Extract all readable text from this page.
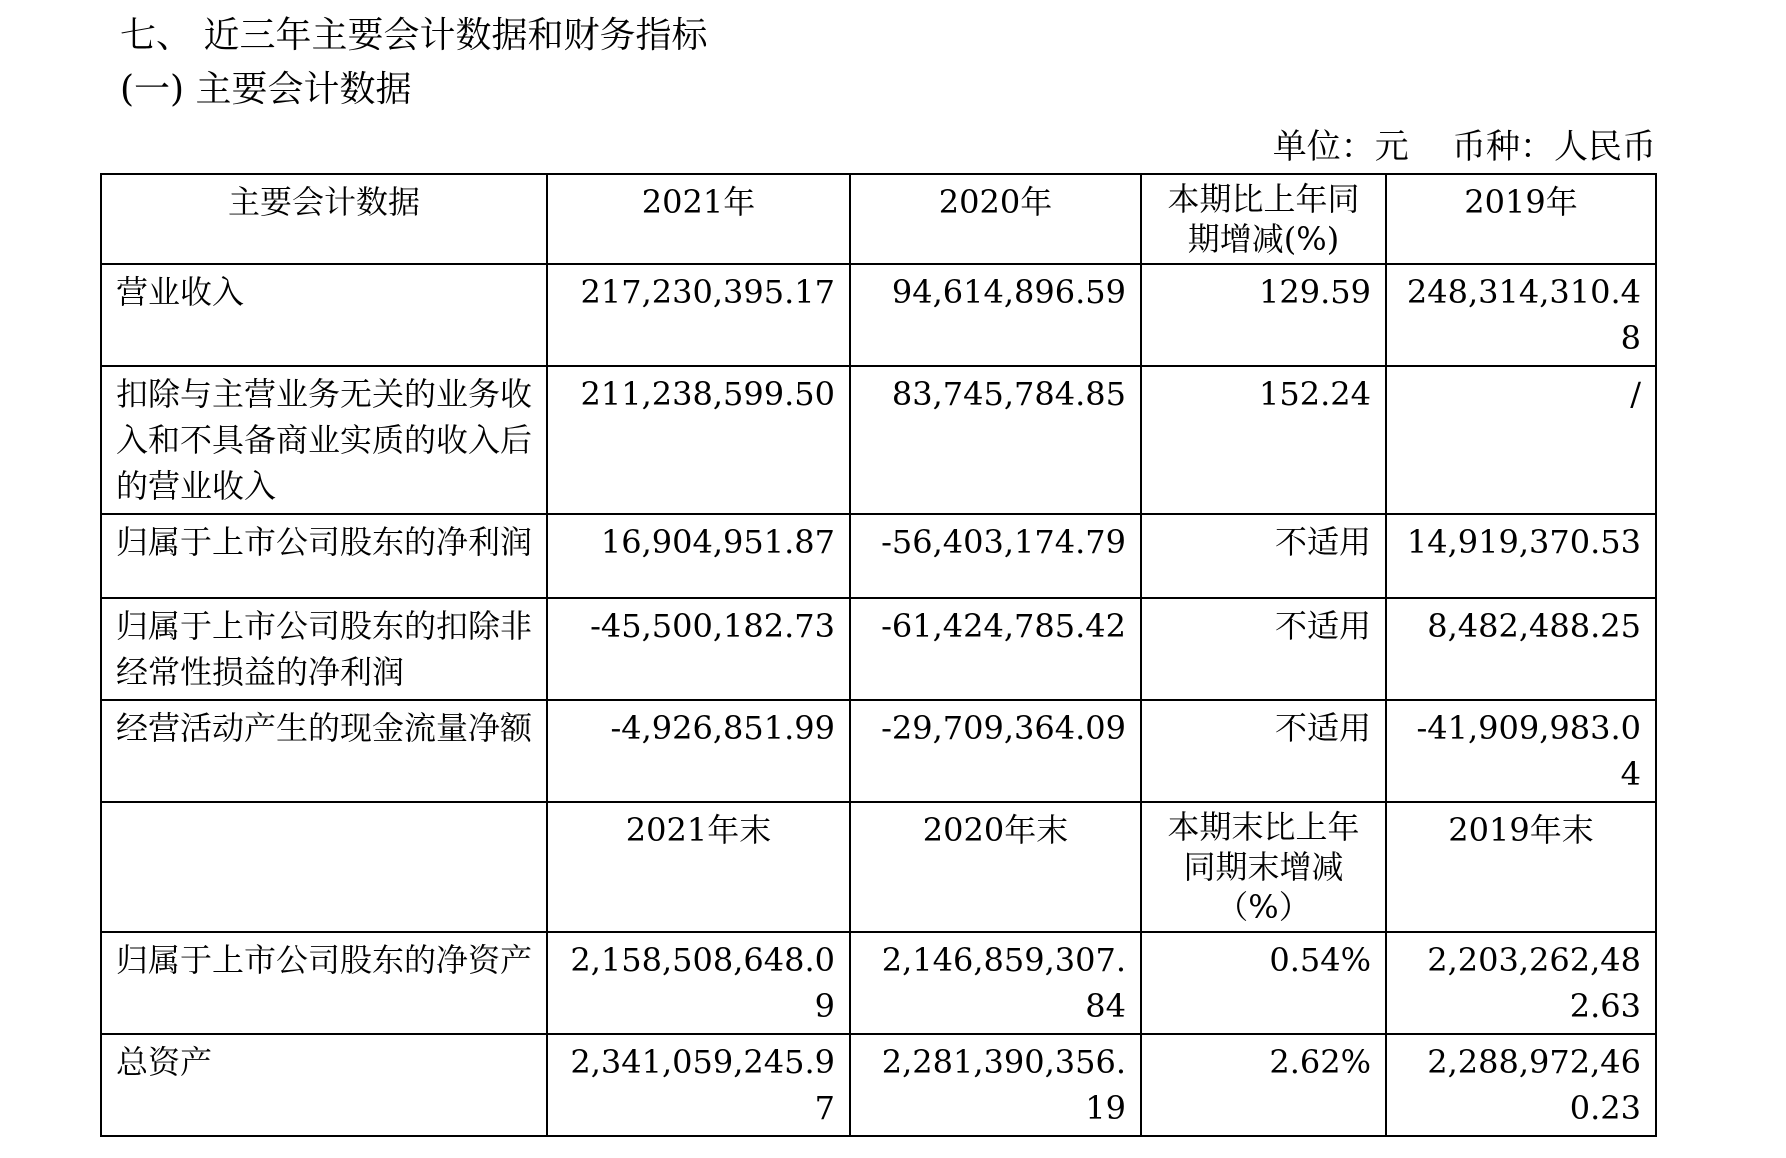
七、 近三年主要会计数据和财务指标
(一) 主要会计数据
单位：元    币种：人民币
主要会计数据	2021年	2020年	本期比上年同期增减(%)	2019年
营业收入	217,230,395.17	94,614,896.59	129.59	248,314,310.48
扣除与主营业务无关的业务收入和不具备商业实质的收入后的营业收入	211,238,599.50	83,745,784.85	152.24	/
归属于上市公司股东的净利润	16,904,951.87	-56,403,174.79	不适用	14,919,370.53
归属于上市公司股东的扣除非经常性损益的净利润	-45,500,182.73	-61,424,785.42	不适用	8,482,488.25
经营活动产生的现金流量净额	-4,926,851.99	-29,709,364.09	不适用	-41,909,983.04
	2021年末	2020年末	本期末比上年同期末增减（%）	2019年末
归属于上市公司股东的净资产	2,158,508,648.09	2,146,859,307.84	0.54%	2,203,262,482.63
总资产	2,341,059,245.97	2,281,390,356.19	2.62%	2,288,972,460.23
